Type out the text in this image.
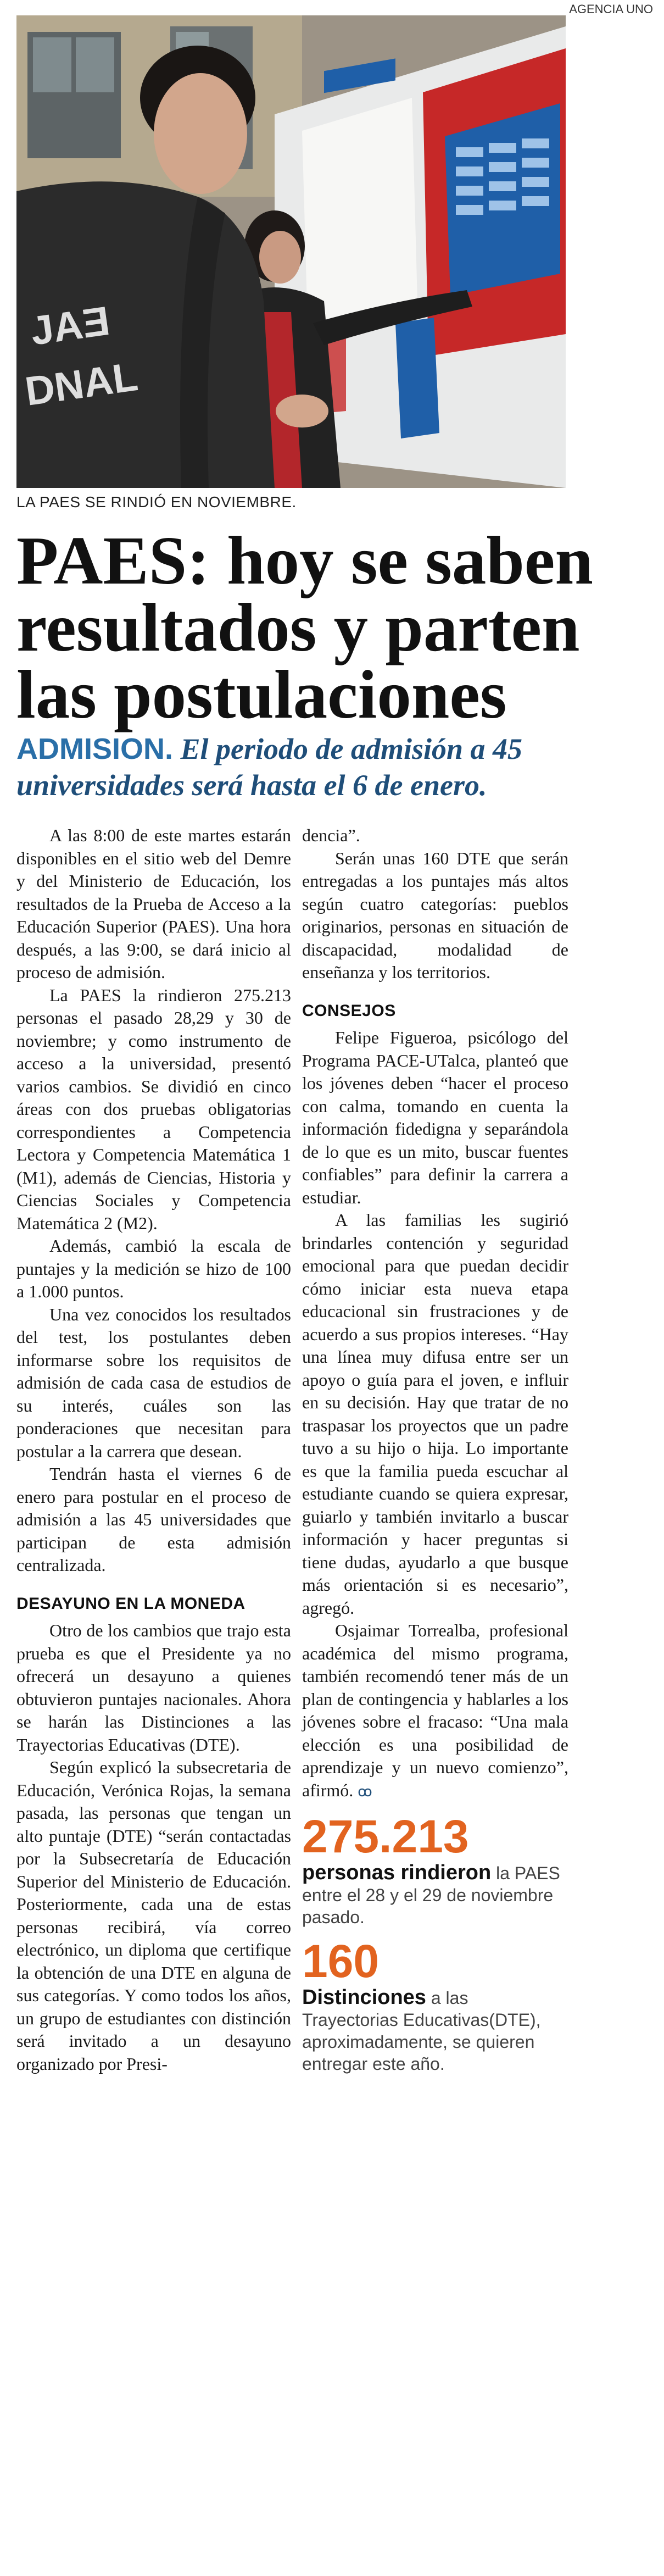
AGENCIA UNO
JAƎ
DNAL
LA PAES SE RINDIÓ EN NOVIEMBRE.
PAES: hoy se saben resultados y parten las postulaciones

ADMISION. El periodo de admisión a 45 universidades será hasta el 6 de enero.

A las 8:00 de este martes estarán disponibles en el sitio web del Demre y del Ministerio de Educación, los resultados de la Prueba de Acceso a la Educación Superior (PAES). Una hora después, a las 9:00, se dará inicio al proceso de admisión.

La PAES la rindieron 275.213 personas el pasado 28,29 y 30 de noviembre; y como instrumento de acceso a la universidad, presentó varios cambios. Se dividió en cinco áreas con dos pruebas obligatorias correspondientes a Competencia Lectora y Competencia Matemática 1 (M1), además de Ciencias, Historia y Ciencias Sociales y Competencia Matemática 2 (M2).

Además, cambió la escala de puntajes y la medición se hizo de 100 a 1.000 puntos.

Una vez conocidos los resultados del test, los postulantes deben informarse sobre los requisitos de admisión de cada casa de estudios de su interés, cuáles son las ponderaciones que necesitan para postular a la carrera que desean.

Tendrán hasta el viernes 6 de enero para postular en el proceso de admisión a las 45 universidades que participan de esta admisión centralizada.

DESAYUNO EN LA MONEDA

Otro de los cambios que trajo esta prueba es que el Presidente ya no ofrecerá un desayuno a quienes obtuvieron puntajes nacionales. Ahora se harán las Distinciones a las Trayectorias Educativas (DTE).

Según explicó la subsecretaria de Educación, Verónica Rojas, la semana pasada, las personas que tengan un alto puntaje (DTE) “serán contactadas por la Subsecretaría de Educación Superior del Ministerio de Educación. Posteriormente, cada una de estas personas recibirá, vía correo electrónico, un diploma que certifique la obtención de una DTE en alguna de sus categorías. Y como todos los años, un grupo de estudiantes con distinción será invitado a un desayuno organizado por Presi-

dencia”.

Serán unas 160 DTE que serán entregadas a los puntajes más altos según cuatro categorías: pueblos originarios, personas en situación de discapacidad, modalidad de enseñanza y los territorios.

CONSEJOS

Felipe Figueroa, psicólogo del Programa PACE-UTalca, planteó que los jóvenes deben “hacer el proceso con calma, tomando en cuenta la información fidedigna y separándola de lo que es un mito, buscar fuentes confiables” para definir la carrera a estudiar.

A las familias les sugirió brindarles contención y seguridad emocional para que puedan decidir cómo iniciar esta nueva etapa educacional sin frustraciones y de acuerdo a sus propios intereses. “Hay una línea muy difusa entre ser un apoyo o guía para el joven, e influir en su decisión. Hay que tratar de no traspasar los proyectos que un padre tuvo a su hijo o hija. Lo importante es que la familia pueda escuchar al estudiante cuando se quiera expresar, guiarlo y también invitarlo a buscar información y hacer preguntas si tiene dudas, ayudarlo a que busque más orientación si es necesario”, agregó.

Osjaimar Torrealba, profesional académica del mismo programa, también recomendó tener más de un plan de contingencia y hablarles a los jóvenes sobre el fracaso: “Una mala elección es una posibilidad de aprendizaje y un nuevo comienzo”, afirmó. ꝏ

275.213
personas rindieron la PAES entre el 28 y el 29 de noviembre pasado.
160
Distinciones a las Trayectorias Educativas(DTE), aproximadamente, se quieren entregar este año.
